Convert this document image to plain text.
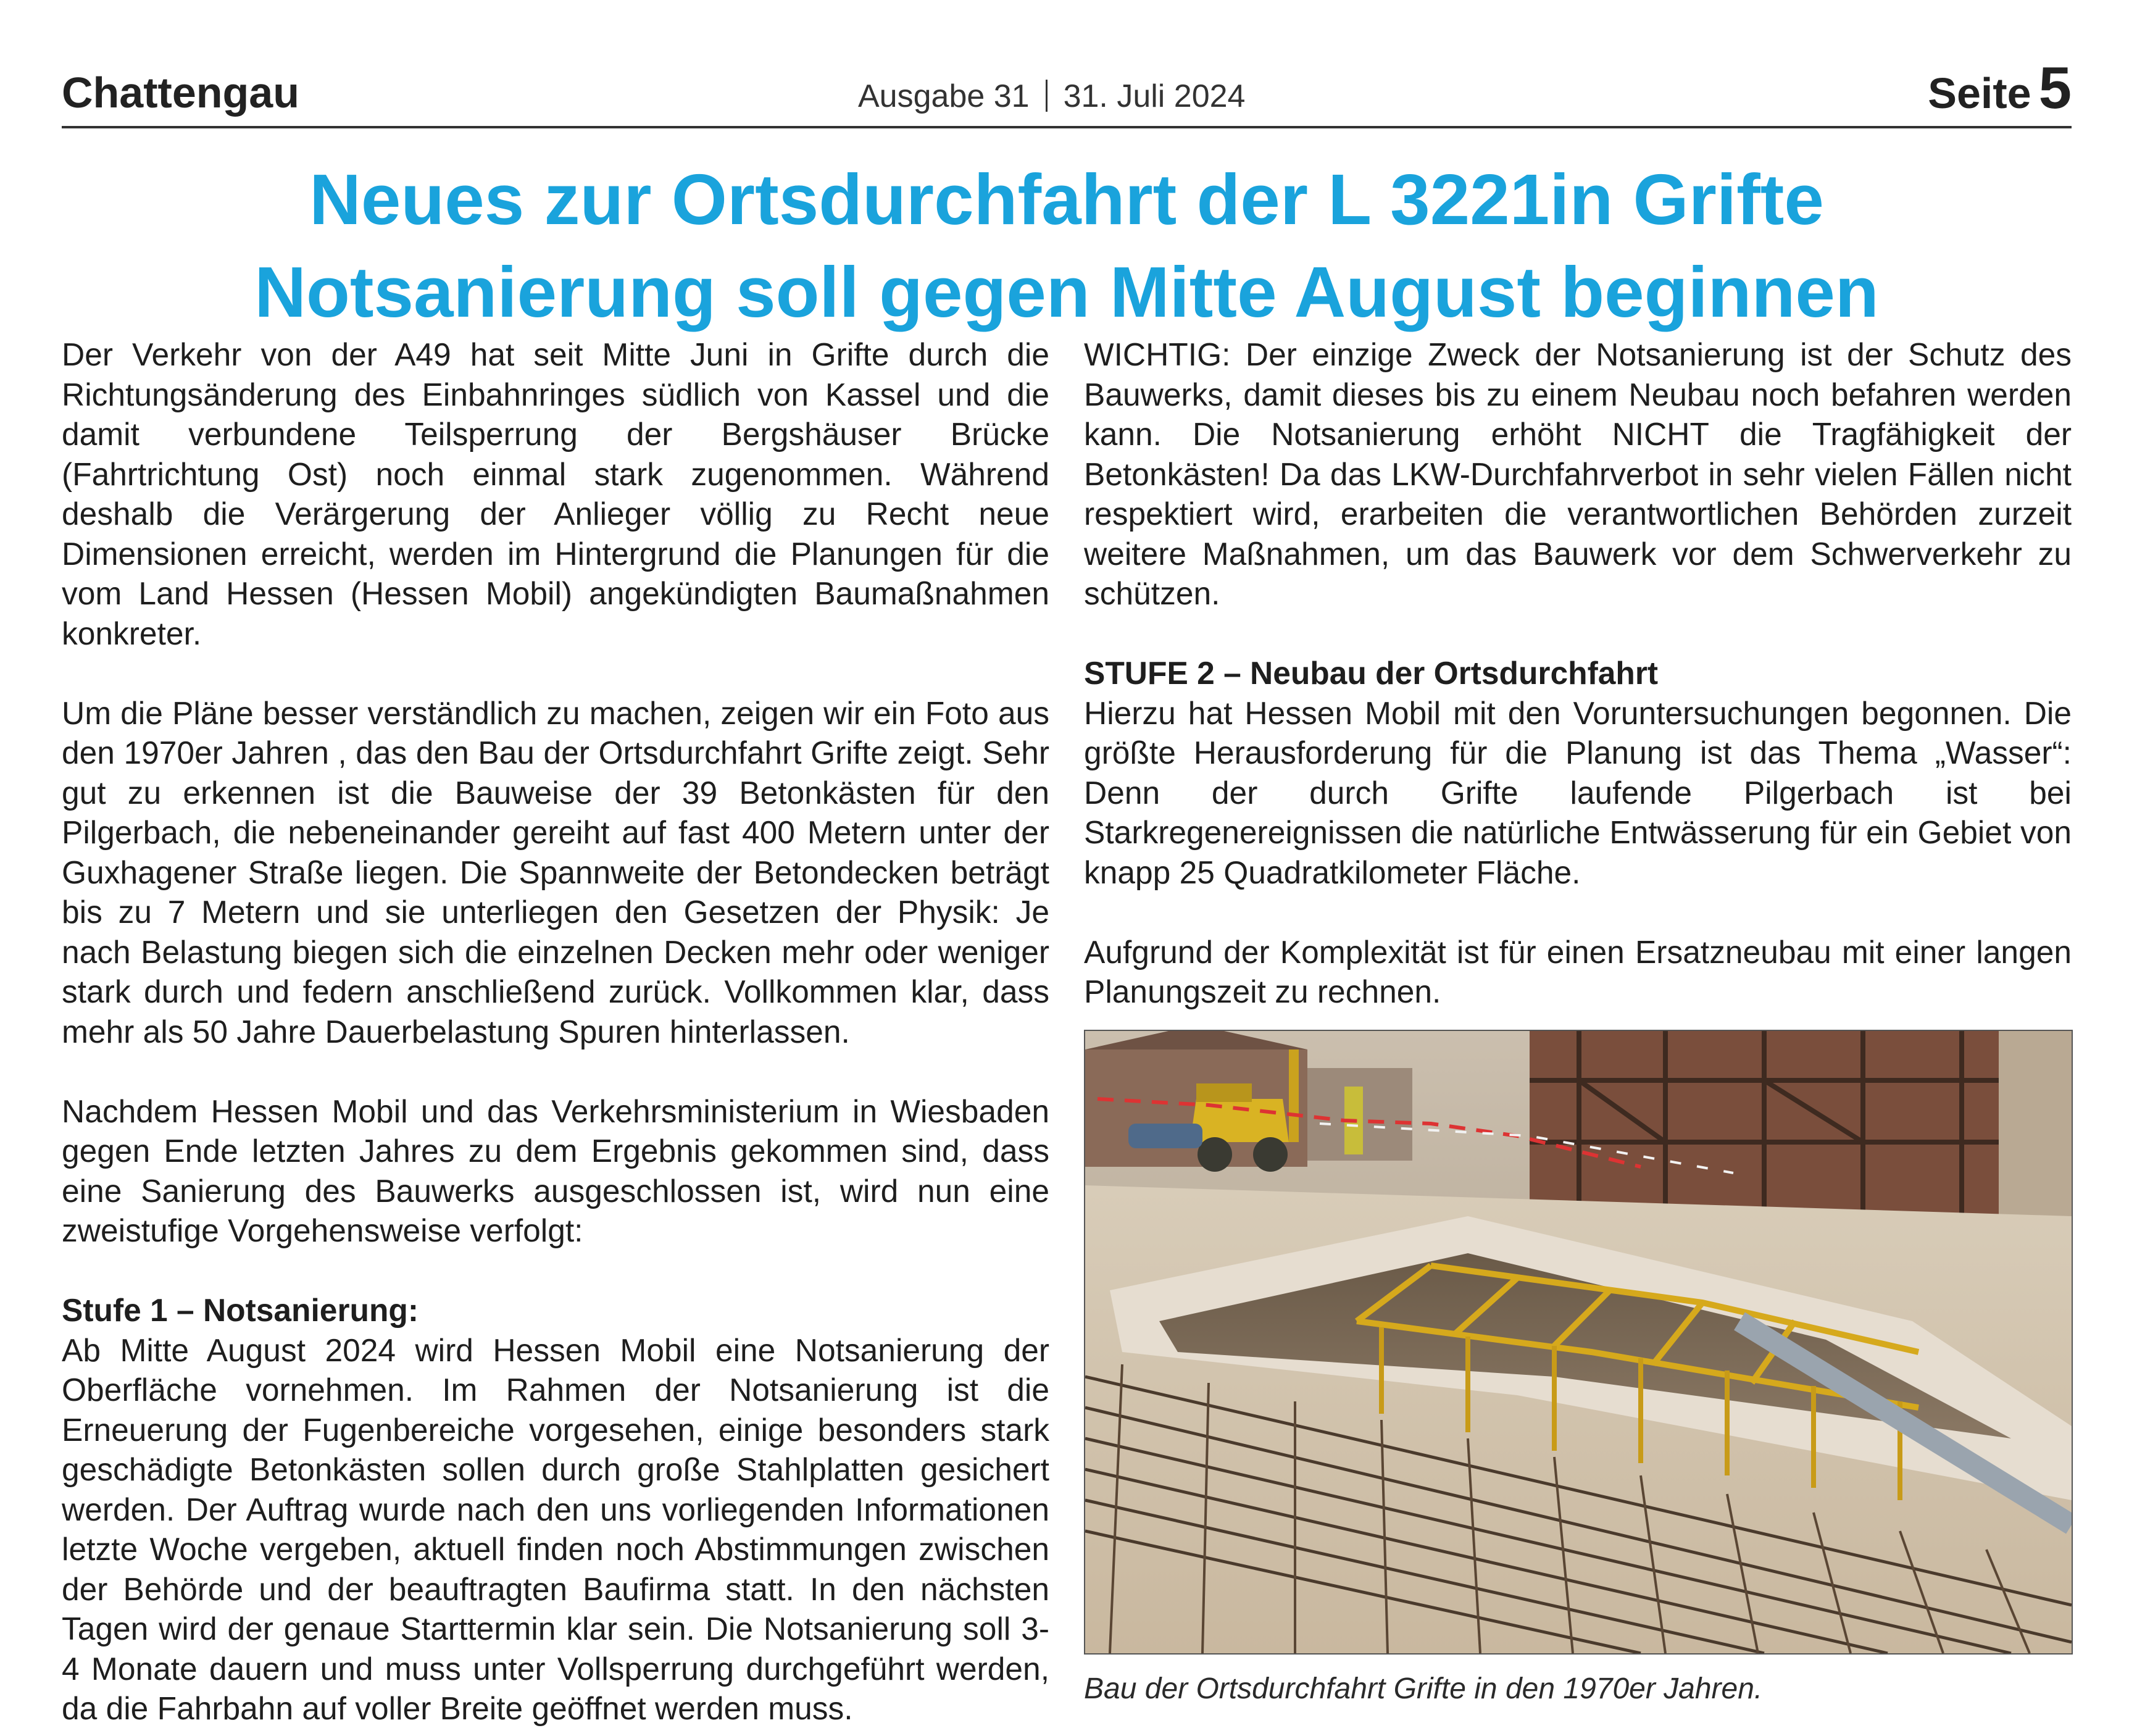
Chattengau	Ausgabe 31 31. Juli 2024	Seite 5
Neues zur Ortsdurchfahrt der L 3221in Grifte
Notsanierung soll gegen Mitte August beginnen

Der Verkehr von der A49 hat seit Mitte Juni in Grifte durch die Richtungsänderung des Einbahnringes südlich von Kassel und die damit verbundene Teilsperrung der Bergshäuser Brücke (Fahrtrichtung Ost) noch einmal stark zugenommen. Während deshalb die Verärgerung der Anlieger völlig zu Recht neue Dimensionen erreicht, werden im Hintergrund die Planungen für die vom Land Hessen (Hessen Mobil) angekündigten Baumaßnahmen konkreter.

Um die Pläne besser verständlich zu machen, zeigen wir ein Foto aus den 1970er Jahren , das den Bau der Ortsdurchfahrt Grifte zeigt. Sehr gut zu erkennen ist die Bauweise der 39 Betonkästen für den Pilgerbach, die nebeneinander gereiht auf fast 400 Metern unter der Guxhagener Straße liegen. Die Spannweite der Betondecken beträgt bis zu 7 Metern und sie unterliegen den Gesetzen der Physik: Je nach Belastung biegen sich die einzelnen Decken mehr oder weniger stark durch und federn anschließend zurück. Vollkommen klar, dass mehr als 50 Jahre Dauerbelastung Spuren hinterlassen.

Nachdem Hessen Mobil und das Verkehrsministerium in Wiesbaden gegen Ende letzten Jahres zu dem Ergebnis gekommen sind, dass eine Sanierung des Bauwerks ausgeschlossen ist, wird nun eine zweistufige Vorgehensweise verfolgt:

Stufe 1 – Notsanierung:

Ab Mitte August 2024 wird Hessen Mobil eine Notsanierung der Oberfläche vornehmen. Im Rahmen der Notsanierung ist die Erneuerung der Fugenbereiche vorgesehen, einige besonders stark geschädigte Betonkästen sollen durch große Stahlplatten gesichert werden. Der Auftrag wurde nach den uns vorliegenden Informationen letzte Woche vergeben, aktuell finden noch Abstimmungen zwischen der Behörde und der beauftragten Baufirma statt. In den nächsten Tagen wird der genaue Starttermin klar sein. Die Notsanierung soll 3-4 Monate dauern und muss unter Vollsperrung durchgeführt werden, da die Fahrbahn auf voller Breite geöffnet werden muss.

WICHTIG: Der einzige Zweck der Notsanierung ist der Schutz des Bauwerks, damit dieses bis zu einem Neubau noch befahren werden kann. Die Notsanierung erhöht NICHT die Tragfähigkeit der Betonkästen! Da das LKW-Durchfahrverbot in sehr vielen Fällen nicht respektiert wird, erarbeiten die verantwortlichen Behörden zurzeit weitere Maßnahmen, um das Bauwerk vor dem Schwerverkehr zu schützen.

STUFE 2 – Neubau der Ortsdurchfahrt

Hierzu hat Hessen Mobil mit den Voruntersuchungen begonnen. Die größte Herausforderung für die Planung ist das Thema „Wasser“: Denn der durch Grifte laufende Pilgerbach ist bei Starkregenereignissen die natürliche Entwässerung für ein Gebiet von knapp 25 Quadratkilometer Fläche.

Aufgrund der Komplexität ist für einen Ersatzneubau mit einer langen Planungszeit zu rechnen.

Bau der Ortsdurchfahrt Grifte in den 1970er Jahren.
